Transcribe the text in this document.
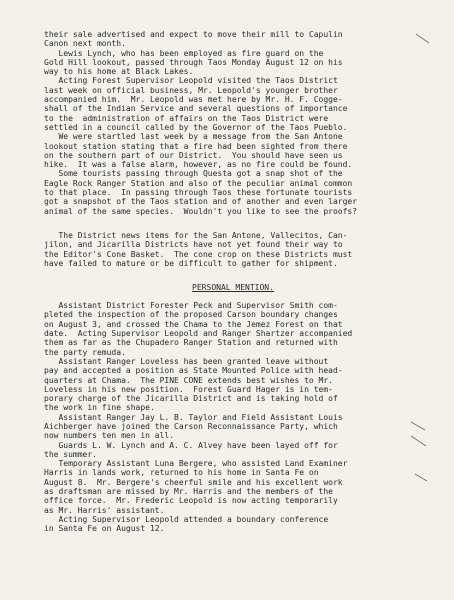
their sale advertised and expect to move their mill to Capulin
Canon next month.
Lewis Lynch, who has been employed as fire guard on the
Gold Hill lookout, passed through Taos Monday August 12 on his
way to his home at Black Lakes.
Acting Forest Supervisor Leopold visited the Taos District
last week on official business, Mr. Leopold's younger brother
accompanied him.  Mr. Leopold was met here by Mr. H. F. Cogge-
shall of the Indian Service and several questions of importance
to the  administration of affairs on the Taos District were
settled in a council called by the Governor of the Taos Pueblo.
We were startled last week by a message from the San Antone
lookout station stating that a fire had been sighted from there
on the southern part of our District.  You should have seen us
hike.  It was a false alarm, however, as no fire could be found.
Some tourists passing through Questa got a snap shot of the
Eagle Rock Ranger Station and also of the peculiar animal common
to that place.  In passing through Taos these fortunate tourists
got a snapshot of the Taos station and of another and even larger
animal of the same species.  Wouldn't you like to see the proofs?
The District news items for the San Antone, Vallecitos, Can-
jilon, and Jicarilla Districts have not yet found their way to
the Editor's Cone Basket.  The cone crop on these Districts must
have failed to mature or be difficult to gather for shipment.
PERSONAL MENTION.
Assistant District Forester Peck and Supervisor Smith com-
pleted the inspection of the proposed Carson boundary changes
on August 3, and crossed the Chama to the Jemez Forest on that
date.  Acting Supervisor Leopold and Ranger Shartzer accompanied
them as far as the Chupadero Ranger Station and returned with
the party remuda.
Assistant Ranger Loveless has been granted leave without
pay and accepted a position as State Mounted Police with head-
quarters at Chama.  The PINE CONE extends best wishes to Mr.
Loveless in his new position.  Forest Guard Hager is in tem-
porary charge of the Jicarilla District and is taking hold of
the work in fine shape.
Assistant Ranger Jay L. B. Taylor and Field Assistant Louis
Aichberger have joined the Carson Reconnaissance Party, which
now numbers ten men in all.
Guards L. W. Lynch and A. C. Alvey have been layed off for
the summer.
Temporary Assistant Luna Bergere, who assisted Land Examiner
Harris in lands work, returned to his home in Santa Fe on
August 8.  Mr. Bergere's cheerful smile and his excellent work
as draftsman are missed by Mr. Harris and the members of the
office force.  Mr. Frederic Leopold is now acting temporarily
as Mr. Harris' assistant.
Acting Supervisor Leopold attended a boundary conference
in Santa Fe on August 12.
